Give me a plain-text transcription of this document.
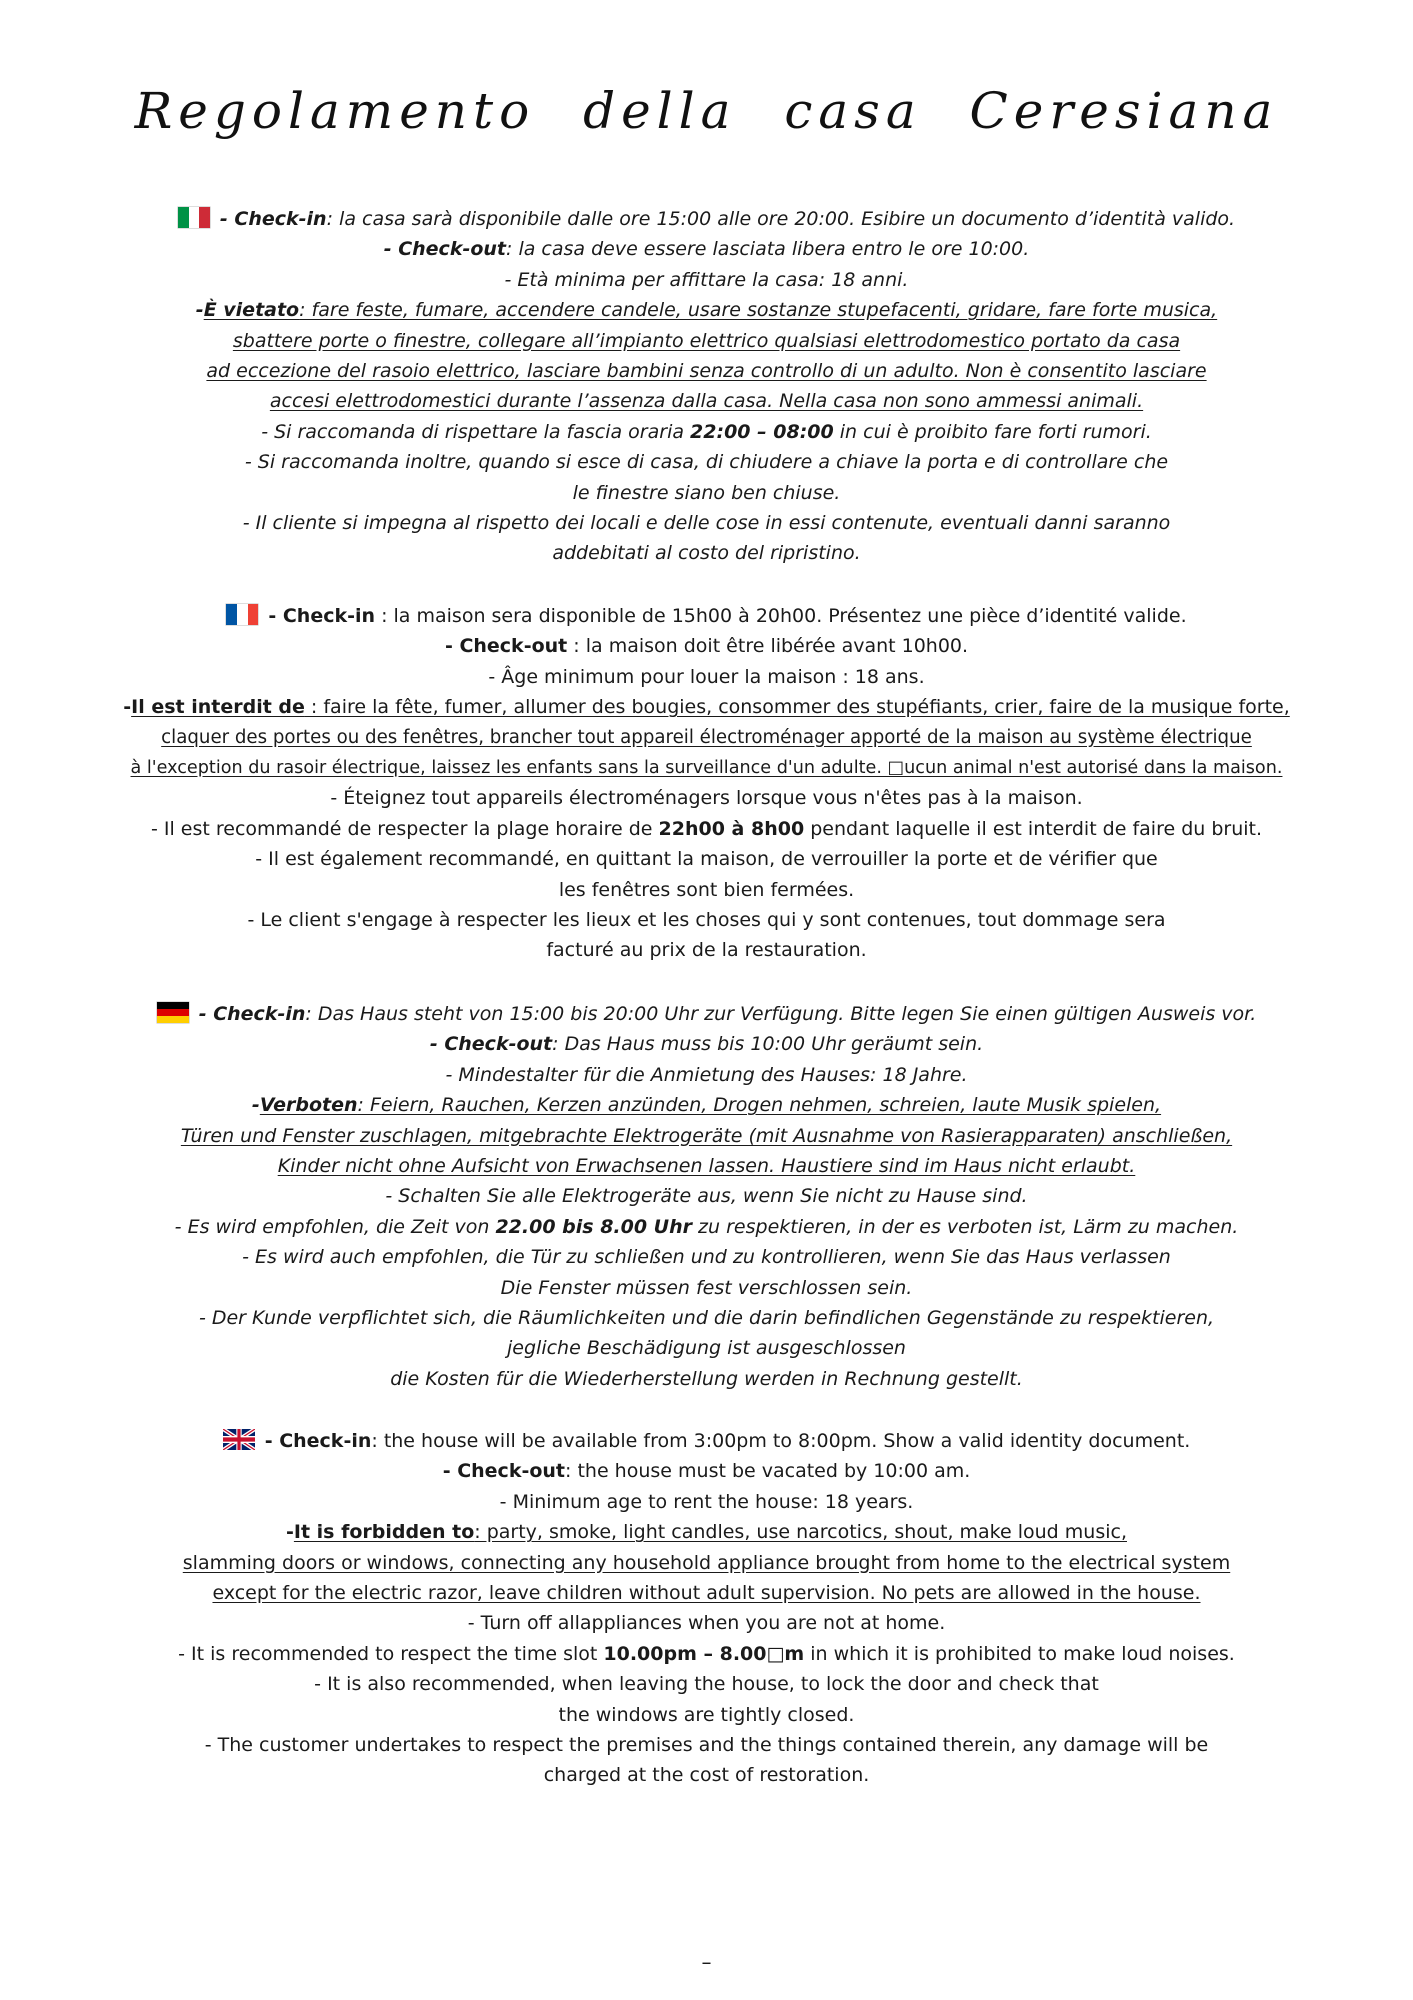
Regolamento della casa Ceresiana
- Check-in: la casa sarà disponibile dalle ore 15:00 alle ore 20:00. Esibire un documento d’identità valido.
- Check-out: la casa deve essere lasciata libera entro le ore 10:00.
- Età minima per affittare la casa: 18 anni.
-È vietato: fare feste, fumare, accendere candele, usare sostanze stupefacenti, gridare, fare forte musica,
sbattere porte o finestre, collegare all’impianto elettrico qualsiasi elettrodomestico portato da casa
ad eccezione del rasoio elettrico, lasciare bambini senza controllo di un adulto. Non è consentito lasciare
accesi elettrodomestici durante l’assenza dalla casa. Nella casa non sono ammessi animali.
- Si raccomanda di rispettare la fascia oraria 22:00 – 08:00 in cui è proibito fare forti rumori.
- Si raccomanda inoltre, quando si esce di casa, di chiudere a chiave la porta e di controllare che
le finestre siano ben chiuse.
- Il cliente si impegna al rispetto dei locali e delle cose in essi contenute, eventuali danni saranno
addebitati al costo del ripristino.
- Check-in : la maison sera disponible de 15h00 à 20h00. Présentez une pièce d’identité valide.
- Check-out : la maison doit être libérée avant 10h00.
- Âge minimum pour louer la maison : 18 ans.
-Il est interdit de : faire la fête, fumer, allumer des bougies, consommer des stupéfiants, crier, faire de la musique forte,
claquer des portes ou des fenêtres, brancher tout appareil électroménager apporté de la maison au système électrique
à l'exception du rasoir électrique, laissez les enfants sans la surveillance d'un adulte. □ucun animal n'est autorisé dans la maison.
- Éteignez tout appareils électroménagers lorsque vous n'êtes pas à la maison.
- Il est recommandé de respecter la plage horaire de 22h00 à 8h00 pendant laquelle il est interdit de faire du bruit.
- Il est également recommandé, en quittant la maison, de verrouiller la porte et de vérifier que
les fenêtres sont bien fermées.
- Le client s'engage à respecter les lieux et les choses qui y sont contenues, tout dommage sera
facturé au prix de la restauration.
- Check-in: Das Haus steht von 15:00 bis 20:00 Uhr zur Verfügung. Bitte legen Sie einen gültigen Ausweis vor.
- Check-out: Das Haus muss bis 10:00 Uhr geräumt sein.
- Mindestalter für die Anmietung des Hauses: 18 Jahre.
-Verboten: Feiern, Rauchen, Kerzen anzünden, Drogen nehmen, schreien, laute Musik spielen,
Türen und Fenster zuschlagen, mitgebrachte Elektrogeräte (mit Ausnahme von Rasierapparaten) anschließen,
Kinder nicht ohne Aufsicht von Erwachsenen lassen. Haustiere sind im Haus nicht erlaubt.
- Schalten Sie alle Elektrogeräte aus, wenn Sie nicht zu Hause sind.
- Es wird empfohlen, die Zeit von 22.00 bis 8.00 Uhr zu respektieren, in der es verboten ist, Lärm zu machen.
- Es wird auch empfohlen, die Tür zu schließen und zu kontrollieren, wenn Sie das Haus verlassen
Die Fenster müssen fest verschlossen sein.
- Der Kunde verpflichtet sich, die Räumlichkeiten und die darin befindlichen Gegenstände zu respektieren,
jegliche Beschädigung ist ausgeschlossen
die Kosten für die Wiederherstellung werden in Rechnung gestellt.
- Check-in: the house will be available from 3:00pm to 8:00pm. Show a valid identity document.
- Check-out: the house must be vacated by 10:00 am.
- Minimum age to rent the house: 18 years.
-It is forbidden to: party, smoke, light candles, use narcotics, shout, make loud music,
slamming doors or windows, connecting any household appliance brought from home to the electrical system
except for the electric razor, leave children without adult supervision. No pets are allowed in the house.
- Turn off allappliances when you are not at home.
- It is recommended to respect the time slot 10.00pm – 8.00□m in which it is prohibited to make loud noises.
- It is also recommended, when leaving the house, to lock the door and check that
the windows are tightly closed.
- The customer undertakes to respect the premises and the things contained therein, any damage will be
charged at the cost of restoration.
–
